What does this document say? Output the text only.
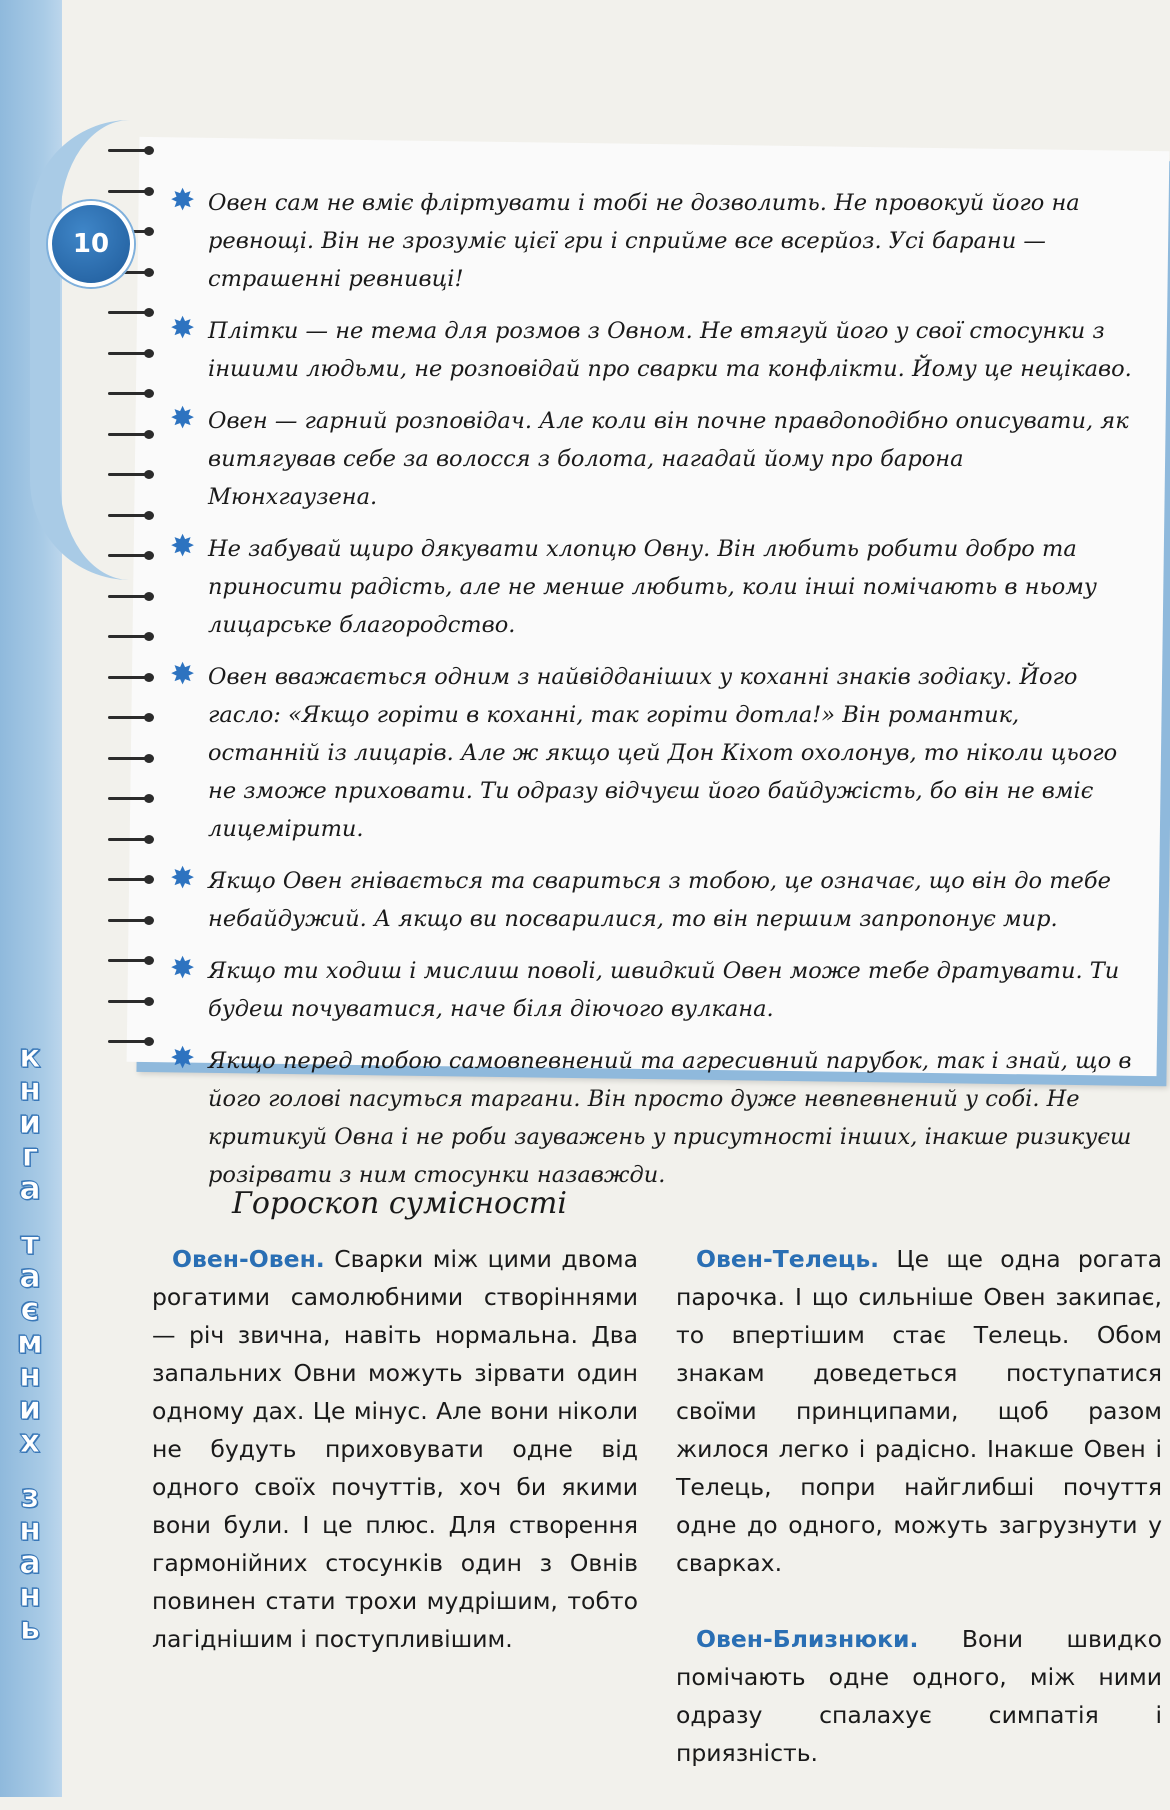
к
н
и
г
а
т
а
є
м
н
и
х
з
н
а
н
ь
10
✸ Овен сам не вміє фліртувати і тобі не дозволить. Не провокуй його на ревнощі. Він не зрозуміє цієї гри і сприйме все всерйоз. Усі барани — страшенні ревнивці!
✸ Плітки — не тема для розмов з Овном. Не втягуй його у свої стосунки з іншими людьми, не розповідай про сварки та конфлікти. Йому це нецікаво.
✸ Овен — гарний розповідач. Але коли він почне правдоподібно описувати, як витягував себе за волосся з болота, нагадай йому про барона Мюнхгаузена.
✸ Не забувай щиро дякувати хлопцю Овну. Він любить робити добро та приносити радість, але не менше любить, коли інші помічають в ньому лицарське благородство.
✸ Овен вважається одним з найвідданіших у коханні знаків зодіаку. Його гасло: «Якщо горіти в коханні, так горіти дотла!» Він романтик, останній із лицарів. Але ж якщо цей Дон Кіхот охолонув, то ніколи цього не зможе приховати. Ти одразу відчуєш його байдужість, бо він не вміє лицемірити.
✸ Якщо Овен гнівається та свариться з тобою, це означає, що він до тебе небайдужий. А якщо ви посварилися, то він першим запропонує мир.
✸ Якщо ти ходиш і мислиш повolі, швидкий Овен може тебе дратувати. Ти будеш почуватися, наче біля діючого вулкана.
✸ Якщо перед тобою самовпевнений та агресивний парубок, так і знай, що в його голові пасуться таргани. Він просто дуже невпевнений у собі. Не критикуй Овна і не роби зауважень у присутності інших, інакше ризикуєш розірвати з ним стосунки назавжди.
Гороскоп сумісності

Овен-Овен. Сварки між цими двома рогатими самолюбними створіннями — річ звична, навіть нормальна. Два запальних Овни можуть зірвати один одному дах. Це мінус. Але вони ніколи не будуть приховувати одне від одного своїх почуттів, хоч би якими вони були. І це плюс. Для створення гармонійних стосунків один з Овнів повинен стати трохи мудрішим, тобто лагіднішим і поступливішим.

Овен-Телець. Це ще одна рогата парочка. І що сильніше Овен закипає, то впертішим стає Телець. Обом знакам доведеться поступатися своїми принципами, щоб разом жилося легко і радісно. Інакше Овен і Телець, попри найглибші почуття одне до одного, можуть загрузнути у сварках.

Овен-Близнюки. Вони швидко помічають одне одного, між ними одразу спалахує симпатія і приязність.
